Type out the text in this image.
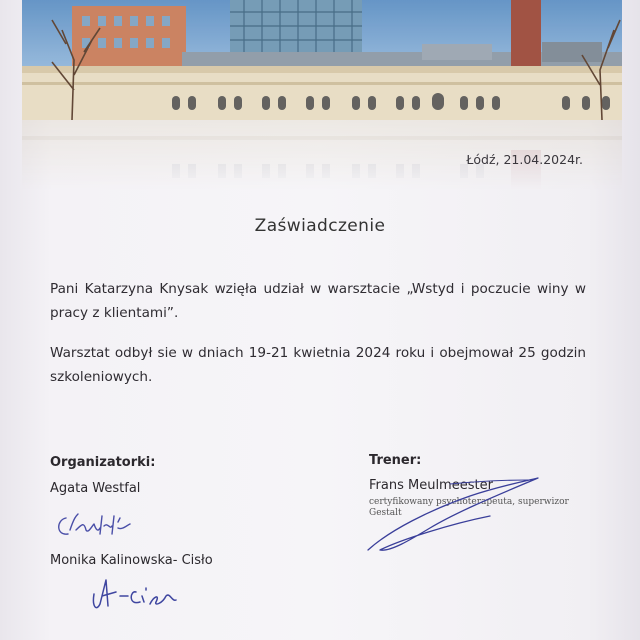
Łódź, 21.04.2024r.
Zaświadczenie
Pani Katarzyna Knysak wzięła udział w warsztacie „Wstyd i poczucie winy w pracy z klientami”.
Warsztat odbył sie w dniach 19-21 kwietnia 2024 roku i obejmował 25 godzin szkoleniowych.
Organizatorki:
Agata Westfal
Monika Kalinowska- Cisło
Trener:
Frans Meulmeester
certyfikowany psychoterapeuta, superwizor Gestalt
